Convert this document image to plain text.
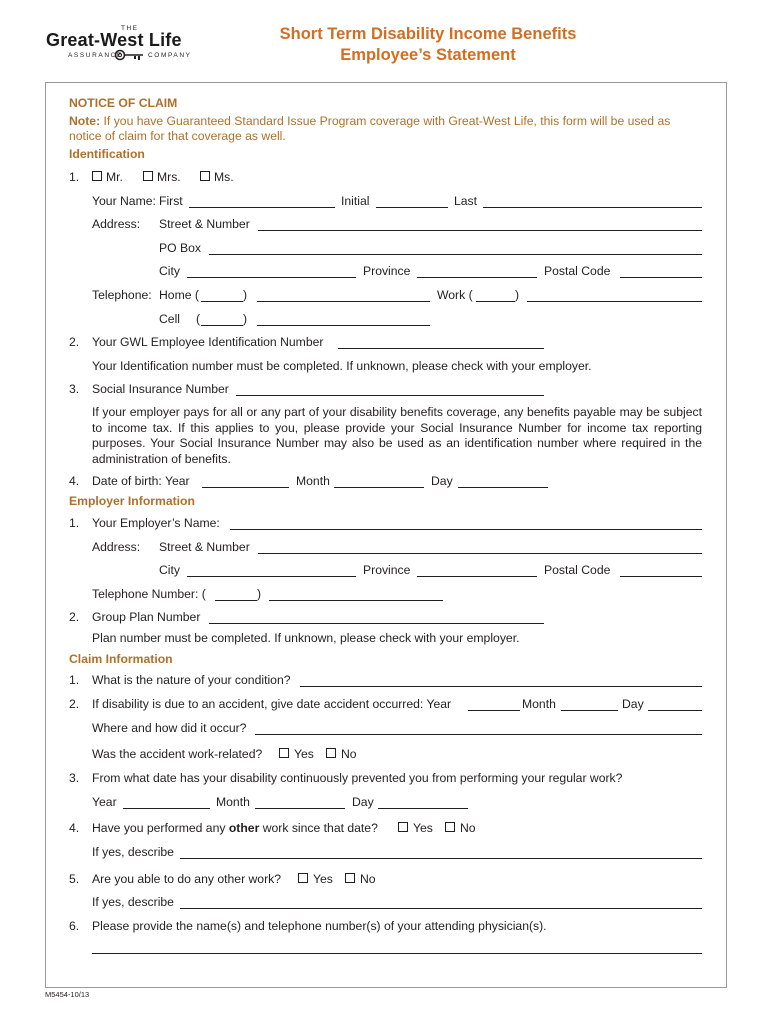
THE
Great-West Life
ASSURANCE	COMPANY
Short Term Disability Income Benefits
Employee’s Statement
NOTICE OF CLAIM
Note: If you have Guaranteed Standard Issue Program coverage with Great-West Life, this form will be used as
notice of claim for that coverage as well.
Identification
1. Mr.	Mrs.	Ms.
Your Name: First	Initial	Last
Address: Street & Number
PO Box
City	Province	Postal Code
Telephone: Home (	)	Work (	)
Cell (	)
2. Your GWL Employee Identification Number
Your Identification number must be completed. If unknown, please check with your employer.
3. Social Insurance Number
If your employer pays for all or any part of your disability benefits coverage, any benefits payable may be subject to income tax. If this applies to you, please provide your Social Insurance Number for income tax reporting purposes. Your Social Insurance Number may also be used as an identification number where required in the administration of benefits.
4. Date of birth: Year	Month	Day
Employer Information
1. Your Employer’s Name:
Address: Street & Number
City	Province	Postal Code
Telephone Number: (	)
2. Group Plan Number
Plan number must be completed. If unknown, please check with your employer.
Claim Information
1. What is the nature of your condition?
2. If disability is due to an accident, give date accident occurred: Year	Month	Day
Where and how did it occur?
Was the accident work-related?	Yes No
3. From what date has your disability continuously prevented you from performing your regular work?
Year	Month	Day
4. Have you performed any other work since that date?	Yes No
If yes, describe
5. Are you able to do any other work?	Yes No
If yes, describe
6. Please provide the name(s) and telephone number(s) of your attending physician(s).
M5454-10/13
